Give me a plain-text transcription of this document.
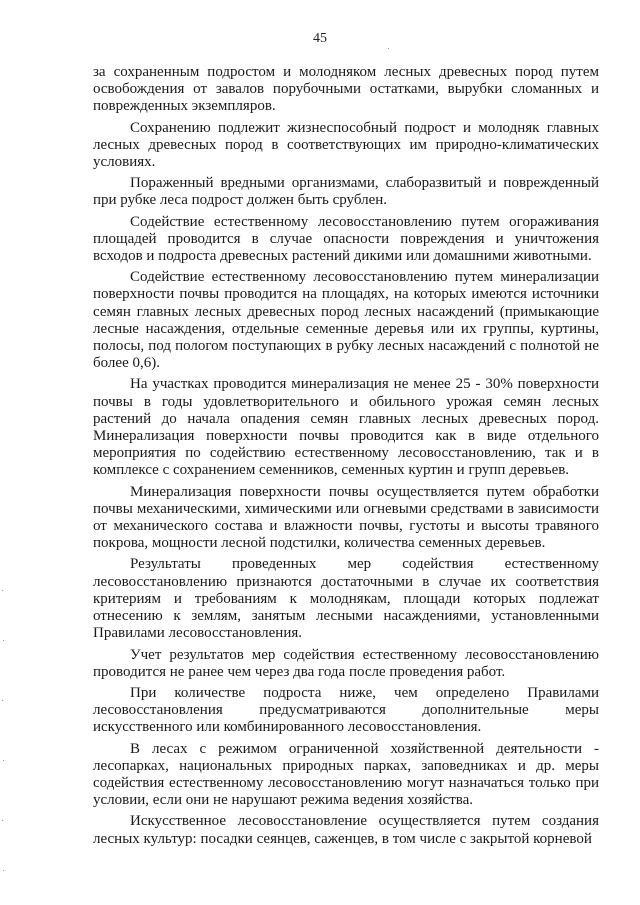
45

за сохраненным подростом и молодняком лесных древесных пород путем освобождения от завалов порубочными остатками, вырубки сломанных и поврежденных экземпляров.

Сохранению подлежит жизнеспособный подрост и молодняк главных лесных древесных пород в соответствующих им природно-климатических условиях.

Пораженный вредными организмами, слаборазвитый и поврежденный при рубке леса подрост должен быть срублен.

Содействие естественному лесовосстановлению путем огораживания площадей проводится в случае опасности повреждения и уничтожения всходов и подроста древесных растений дикими или домашними животными.

Содействие естественному лесовосстановлению путем минерализации поверхности почвы проводится на площадях, на которых имеются источники семян главных лесных древесных пород лесных насаждений (примыкающие лесные насаждения, отдельные семенные деревья или их группы, куртины, полосы, под пологом поступающих в рубку лесных насаждений с полнотой не более 0,6).

На участках проводится минерализация не менее 25 - 30% поверхности почвы в годы удовлетворительного и обильного урожая семян лесных растений до начала опадения семян главных лесных древесных пород. Минерализация поверхности почвы проводится как в виде отдельного мероприятия по содействию естественному лесовосстановлению, так и в комплексе с сохранением семенников, семенных куртин и групп деревьев.

Минерализация поверхности почвы осуществляется путем обработки почвы механическими, химическими или огневыми средствами в зависимости от механического состава и влажности почвы, густоты и высоты травяного покрова, мощности лесной подстилки, количества семенных деревьев.

Результаты проведенных мер содействия естественному лесовосстановлению признаются достаточными в случае их соответствия критериям и требованиям к молоднякам, площади которых подлежат отнесению к землям, занятым лесными насаждениями, установленными Правилами лесовосстановления.

Учет результатов мер содействия естественному лесовосстановлению проводится не ранее чем через два года после проведения работ.

При количестве подроста ниже, чем определено Правилами лесовосстановления предусматриваются дополнительные меры искусственного или комбинированного лесовосстановления.

В лесах с режимом ограниченной хозяйственной деятельности - лесопарках, национальных природных парках, заповедниках и др. меры содействия естественному лесовосстановлению могут назначаться только при условии, если они не нарушают режима ведения хозяйства.

Искусственное лесовосстановление осуществляется путем создания лесных культур: посадки сеянцев, саженцев, в том числе с закрытой корневой
